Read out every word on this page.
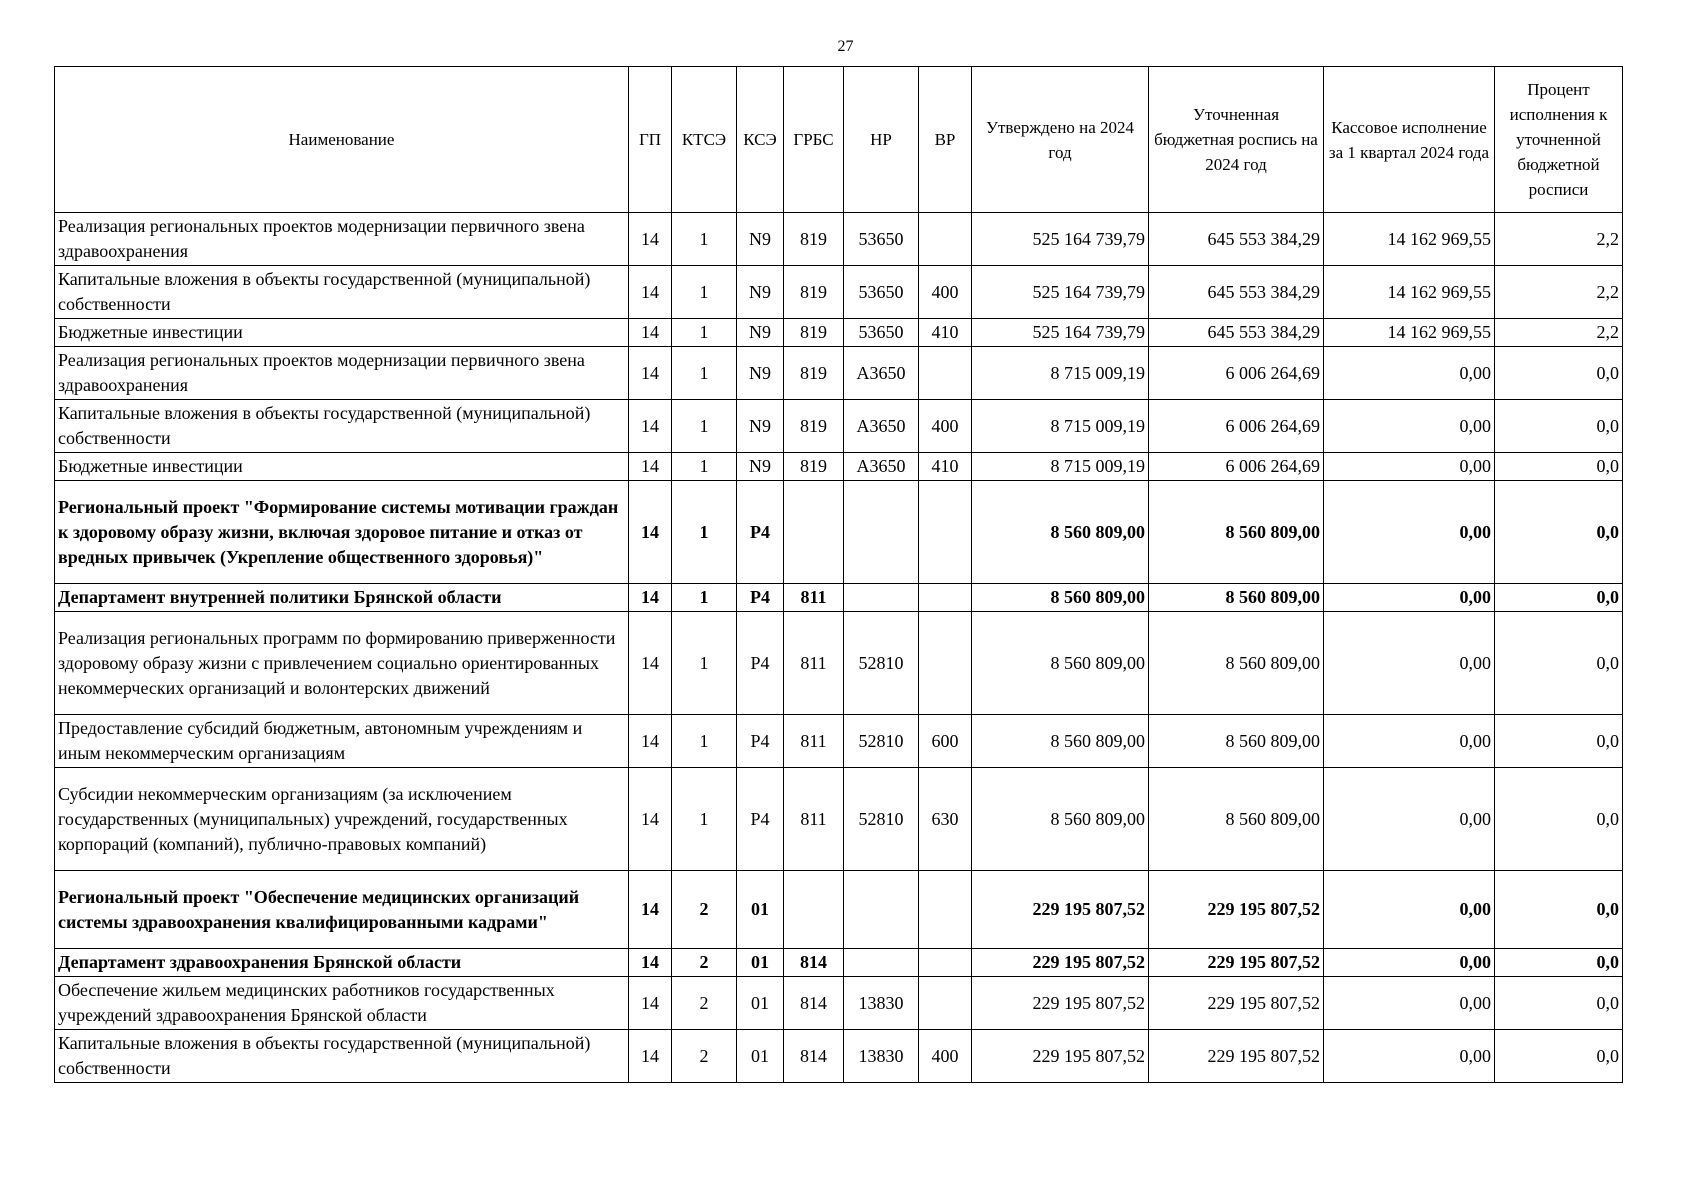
27
Наименование	ГП	КТСЭ	КСЭ	ГРБС	НР	ВР	Утверждено на 2024 год	Уточненная бюджетная роспись на 2024 год	Кассовое исполнение за 1 квартал 2024 года	Процент исполнения к уточненной бюджетной росписи
Реализация региональных проектов модернизации первичного звена здравоохранения	14	1	N9	819	53650		525 164 739,79	645 553 384,29	14 162 969,55	2,2
Капитальные вложения в объекты государственной (муниципальной) собственности	14	1	N9	819	53650	400	525 164 739,79	645 553 384,29	14 162 969,55	2,2
Бюджетные инвестиции	14	1	N9	819	53650	410	525 164 739,79	645 553 384,29	14 162 969,55	2,2
Реализация региональных проектов модернизации первичного звена здравоохранения	14	1	N9	819	А3650		8 715 009,19	6 006 264,69	0,00	0,0
Капитальные вложения в объекты государственной (муниципальной) собственности	14	1	N9	819	А3650	400	8 715 009,19	6 006 264,69	0,00	0,0
Бюджетные инвестиции	14	1	N9	819	А3650	410	8 715 009,19	6 006 264,69	0,00	0,0
Региональный проект "Формирование системы мотивации граждан к здоровому образу жизни, включая здоровое питание и отказ от вредных привычек (Укрепление общественного здоровья)"	14	1	P4				8 560 809,00	8 560 809,00	0,00	0,0
Департамент внутренней политики Брянской области	14	1	P4	811			8 560 809,00	8 560 809,00	0,00	0,0
Реализация региональных программ по формированию приверженности здоровому образу жизни с привлечением социально ориентированных некоммерческих организаций и волонтерских движений	14	1	P4	811	52810		8 560 809,00	8 560 809,00	0,00	0,0
Предоставление субсидий бюджетным, автономным учреждениям и иным некоммерческим организациям	14	1	P4	811	52810	600	8 560 809,00	8 560 809,00	0,00	0,0
Субсидии некоммерческим организациям (за исключением государственных (муниципальных) учреждений, государственных корпораций (компаний), публично-правовых компаний)	14	1	P4	811	52810	630	8 560 809,00	8 560 809,00	0,00	0,0
Региональный проект "Обеспечение медицинских организаций системы здравоохранения квалифицированными кадрами"	14	2	01				229 195 807,52	229 195 807,52	0,00	0,0
Департамент здравоохранения Брянской области	14	2	01	814			229 195 807,52	229 195 807,52	0,00	0,0
Обеспечение жильем медицинских работников государственных учреждений здравоохранения Брянской области	14	2	01	814	13830		229 195 807,52	229 195 807,52	0,00	0,0
Капитальные вложения в объекты государственной (муниципальной) собственности	14	2	01	814	13830	400	229 195 807,52	229 195 807,52	0,00	0,0
